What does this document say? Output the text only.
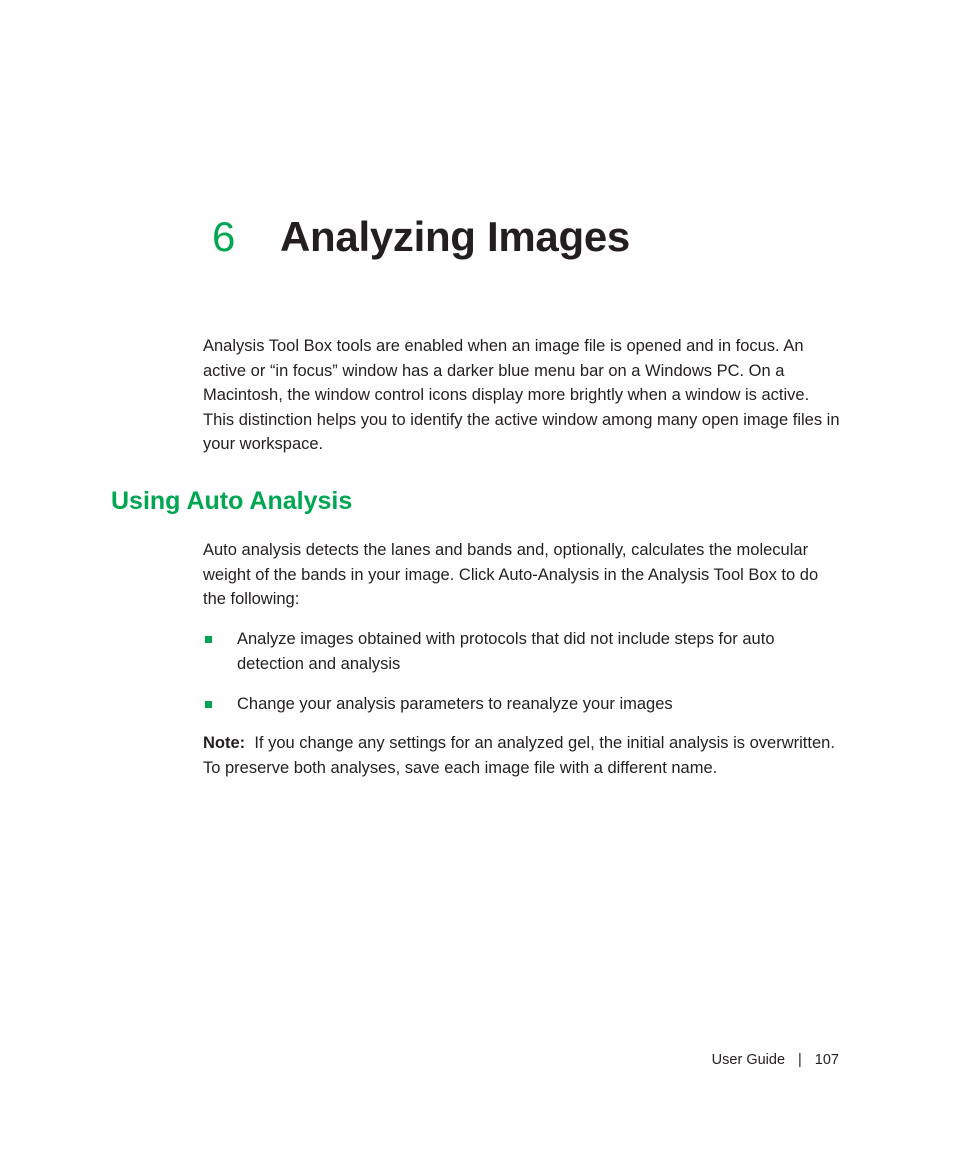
6 Analyzing Images

Analysis Tool Box tools are enabled when an image file is opened and in focus. An active or “in focus” window has a darker blue menu bar on a Windows PC. On a Macintosh, the window control icons display more brightly when a window is active. This distinction helps you to identify the active window among many open image files in your workspace.

Using Auto Analysis

Auto analysis detects the lanes and bands and, optionally, calculates the molecular weight of the bands in your image. Click Auto-Analysis in the Analysis Tool Box to do the following:

Analyze images obtained with protocols that did not include steps for auto detection and analysis
Change your analysis parameters to reanalyze your images

Note: If you change any settings for an analyzed gel, the initial analysis is overwritten. To preserve both analyses, save each image file with a different name.

User Guide | 107
